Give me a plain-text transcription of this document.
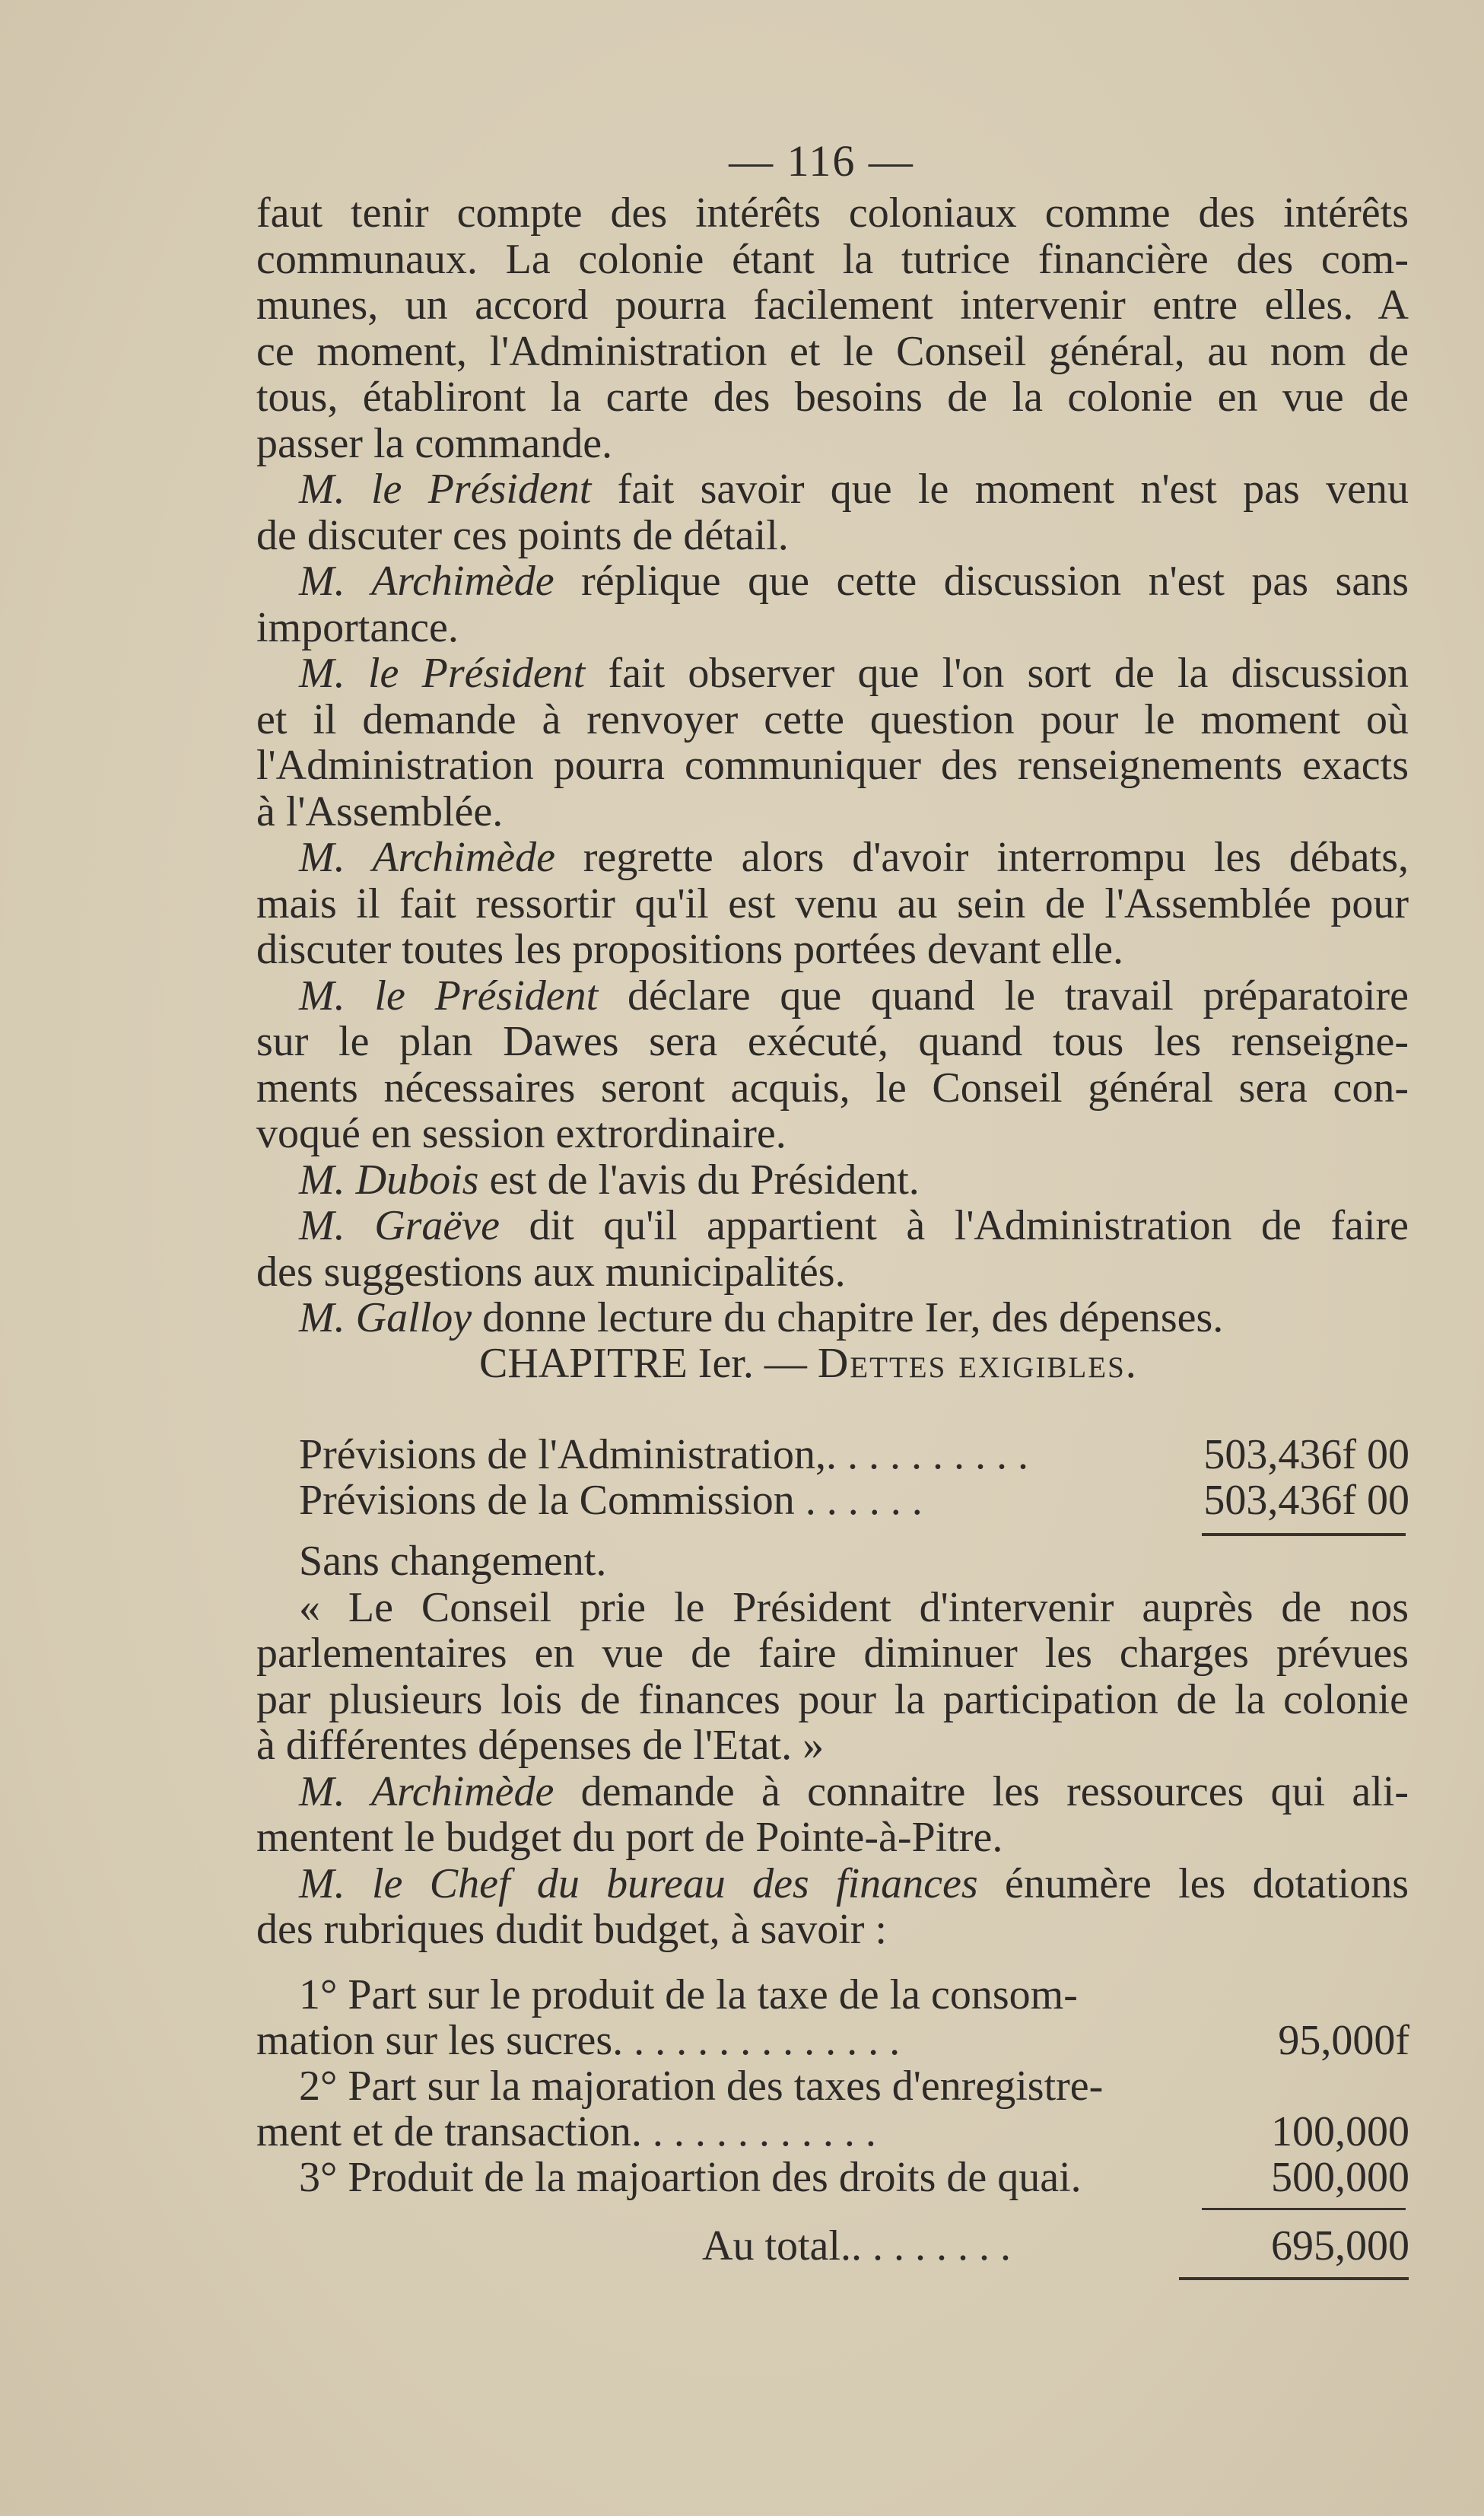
— 116 —
faut tenir compte des intérêts coloniaux comme des intérêts
communaux. La colonie étant la tutrice financière des com-
munes, un accord pourra facilement intervenir entre elles. A
ce moment, l'Administration et le Conseil général, au nom de
tous, établiront la carte des besoins de la colonie en vue de
passer la commande.
M. le Président fait savoir que le moment n'est pas venu
de discuter ces points de détail.
M. Archimède réplique que cette discussion n'est pas sans
importance.
M. le Président fait observer que l'on sort de la discussion
et il demande à renvoyer cette question pour le moment où
l'Administration pourra communiquer des renseignements exacts
à l'Assemblée.
M. Archimède regrette alors d'avoir interrompu les débats,
mais il fait ressortir qu'il est venu au sein de l'Assemblée pour
discuter toutes les propositions portées devant elle.
M. le Président déclare que quand le travail préparatoire
sur le plan Dawes sera exécuté, quand tous les renseigne-
ments nécessaires seront acquis, le Conseil général sera con-
voqué en session extrordinaire.
M. Dubois est de l'avis du Président.
M. Graëve dit qu'il appartient à l'Administration de faire
des suggestions aux municipalités.
M. Galloy donne lecture du chapitre Ier, des dépenses.
CHAPITRE Ier. — Dettes exigibles.
Prévisions de l'Administration,. . . . . . . . . .	503,436f 00
Prévisions de la Commission . . . . . .	503,436f 00
Sans changement.
« Le Conseil prie le Président d'intervenir auprès de nos
parlementaires en vue de faire diminuer les charges prévues
par plusieurs lois de finances pour la participation de la colonie
à différentes dépenses de l'Etat. »
M. Archimède demande à connaitre les ressources qui ali-
mentent le budget du port de Pointe-à-Pitre.
M. le Chef du bureau des finances énumère les dotations
des rubriques dudit budget, à savoir :
1° Part sur le produit de la taxe de la consom-
mation sur les sucres. . . . . . . . . . . . . .	95,000f
2° Part sur la majoration des taxes d'enregistre-
ment et de transaction. . . . . . . . . . . .	100,000
3° Produit de la majoartion des droits de quai.	500,000
Au total.. . . . . . . .	695,000
